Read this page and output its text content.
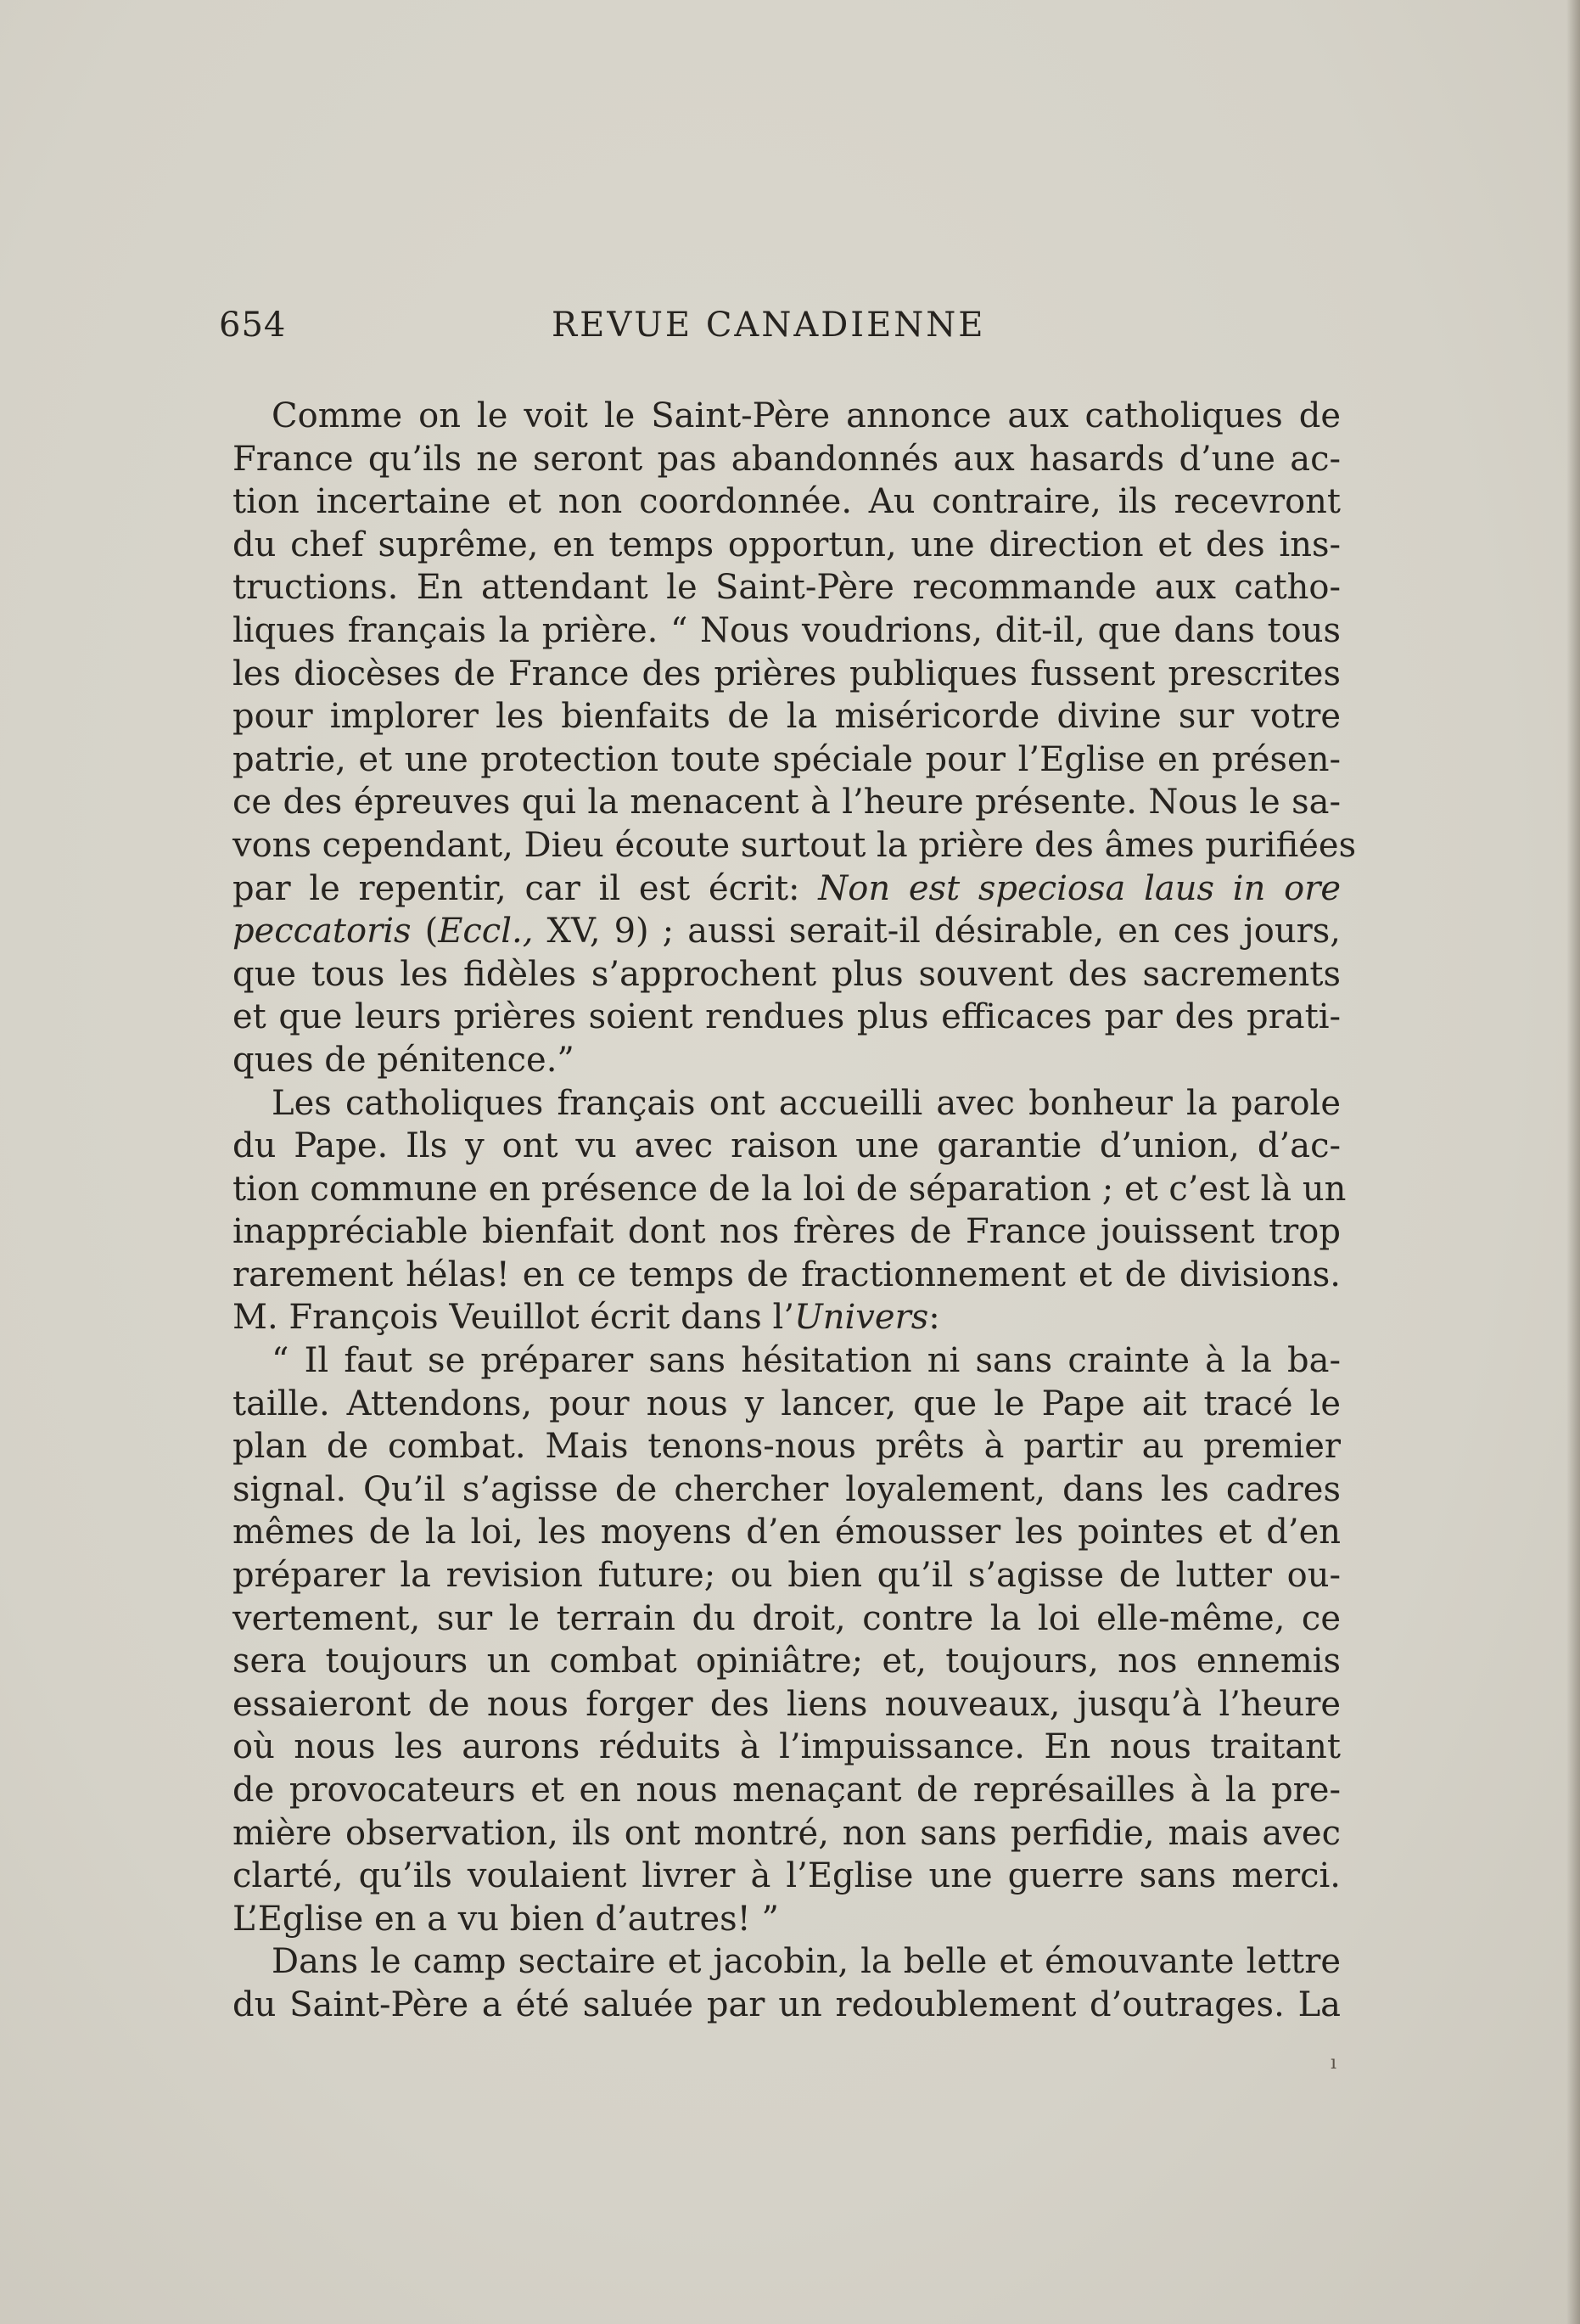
654	REVUE CANADIENNE
Comme on le voit le Saint-Père annonce aux catholiques de
France qu’ils ne seront pas abandonnés aux hasards d’une ac-
tion incertaine et non coordonnée. Au contraire, ils recevront
du chef suprême, en temps opportun, une direction et des ins-
tructions. En attendant le Saint-Père recommande aux catho-
liques français la prière. “ Nous voudrions, dit-il, que dans tous
les diocèses de France des prières publiques fussent prescrites
pour implorer les bienfaits de la miséricorde divine sur votre
patrie, et une protection toute spéciale pour l’Eglise en présen-
ce des épreuves qui la menacent à l’heure présente. Nous le sa-
vons cependant, Dieu écoute surtout la prière des âmes purifiées
par le repentir, car il est écrit: Non est speciosa laus in ore
peccatoris (Eccl., XV, 9) ; aussi serait-il désirable, en ces jours,
que tous les fidèles s’approchent plus souvent des sacrements
et que leurs prières soient rendues plus efficaces par des prati-
ques de pénitence.”
Les catholiques français ont accueilli avec bonheur la parole
du Pape. Ils y ont vu avec raison une garantie d’union, d’ac-
tion commune en présence de la loi de séparation ; et c’est là un
inappréciable bienfait dont nos frères de France jouissent trop
rarement hélas! en ce temps de fractionnement et de divisions.
M. François Veuillot écrit dans l’Univers:
“ Il faut se préparer sans hésitation ni sans crainte à la ba-
taille. Attendons, pour nous y lancer, que le Pape ait tracé le
plan de combat. Mais tenons-nous prêts à partir au premier
signal. Qu’il s’agisse de chercher loyalement, dans les cadres
mêmes de la loi, les moyens d’en émousser les pointes et d’en
préparer la revision future; ou bien qu’il s’agisse de lutter ou-
vertement, sur le terrain du droit, contre la loi elle-même, ce
sera toujours un combat opiniâtre; et, toujours, nos ennemis
essaieront de nous forger des liens nouveaux, jusqu’à l’heure
où nous les aurons réduits à l’impuissance. En nous traitant
de provocateurs et en nous menaçant de représailles à la pre-
mière observation, ils ont montré, non sans perfidie, mais avec
clarté, qu’ils voulaient livrer à l’Eglise une guerre sans merci.
L’Eglise en a vu bien d’autres! ”
Dans le camp sectaire et jacobin, la belle et émouvante lettre
du Saint-Père a été saluée par un redoublement d’outrages. La
ı
